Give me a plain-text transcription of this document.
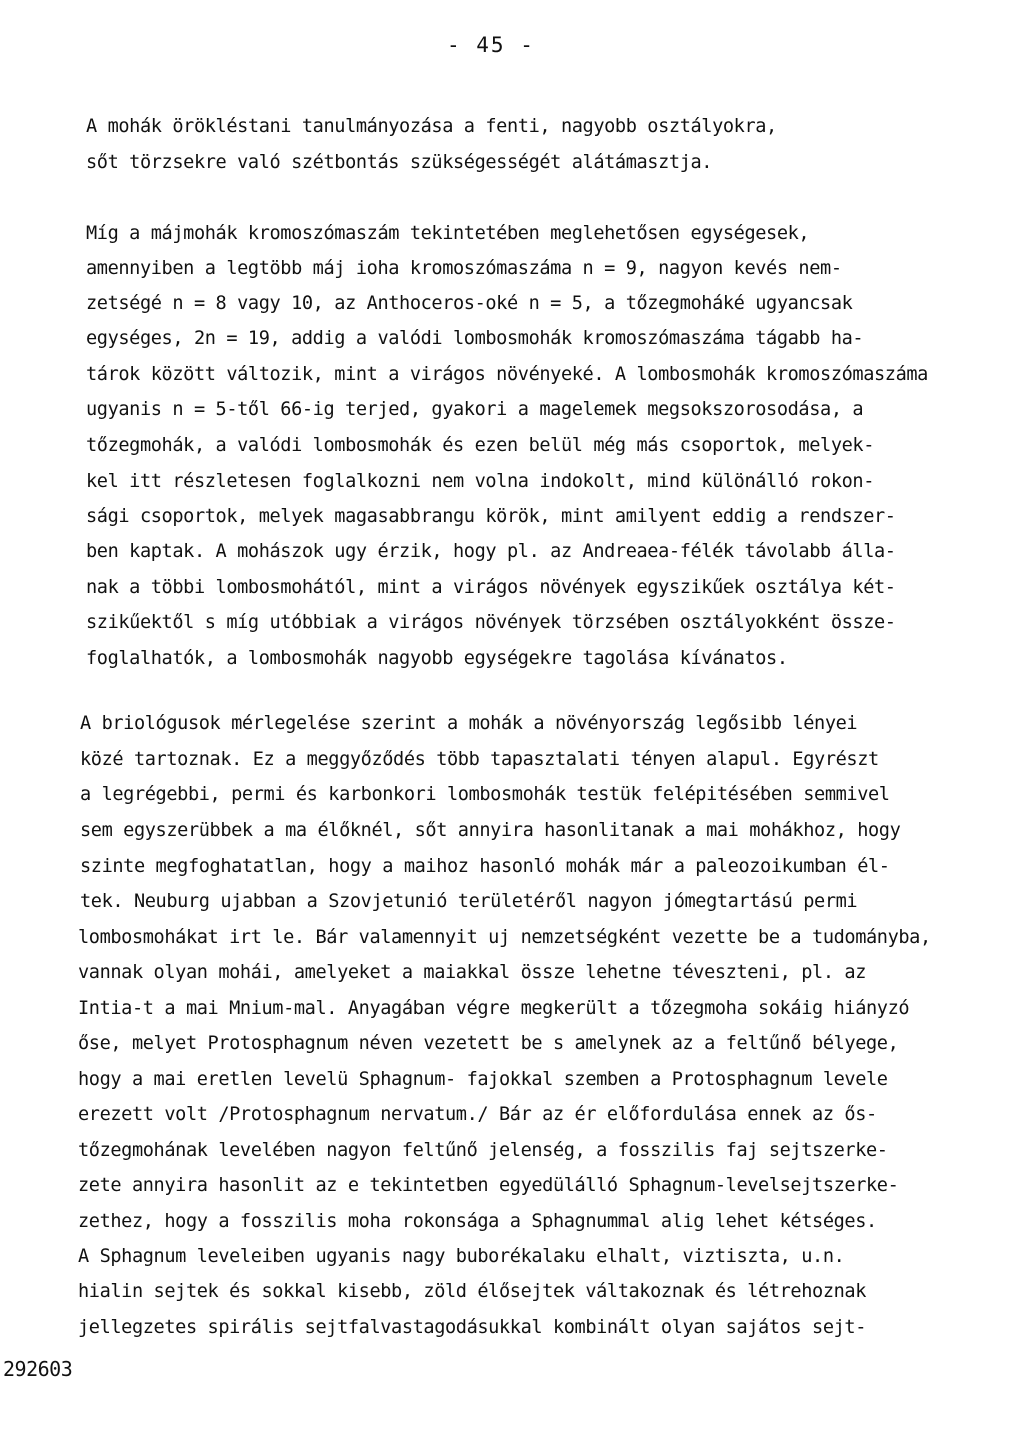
- 45 -
A mohák örökléstani tanulmányozása a fenti, nagyobb osztályokra,
sőt törzsekre való szétbontás szükségességét alátámasztja.
Míg a májmohák kromoszómaszám tekintetében meglehetősen egységesek,
amennyiben a legtöbb máj ioha kromoszómaszáma n = 9, nagyon kevés nem-
zetségé n = 8 vagy 10, az Anthoceros-oké n = 5, a tőzegmoháké ugyancsak
egységes, 2n = 19, addig a valódi lombosmohák kromoszómaszáma tágabb ha-
tárok között változik, mint a virágos növényeké. A lombosmohák kromoszómaszáma
ugyanis n = 5-től 66-ig terjed, gyakori a magelemek megsokszorosodása, a
tőzegmohák, a valódi lombosmohák és ezen belül még más csoportok, melyek-
kel itt részletesen foglalkozni nem volna indokolt, mind különálló rokon-
sági csoportok, melyek magasabbrangu körök, mint amilyent eddig a rendszer-
ben kaptak. A mohászok ugy érzik, hogy pl. az Andreaea-félék távolabb álla-
nak a többi lombosmohától, mint a virágos növények egyszikűek osztálya két-
szikűektől s míg utóbbiak a virágos növények törzsében osztályokként össze-
foglalhatók, a lombosmohák nagyobb egységekre tagolása kívánatos.
A briológusok mérlegelése szerint a mohák a növényország legősibb lényei
közé tartoznak. Ez a meggyőződés több tapasztalati tényen alapul. Egyrészt
a legrégebbi, permi és karbonkori lombosmohák testük felépitésében semmivel
sem egyszerübbek a ma élőknél, sőt annyira hasonlitanak a mai mohákhoz, hogy
szinte megfoghatatlan, hogy a maihoz hasonló mohák már a paleozoikumban él-
tek. Neuburg ujabban a Szovjetunió területéről nagyon jómegtartású permi
lombosmohákat irt le. Bár valamennyit uj nemzetségként vezette be a tudományba,
vannak olyan mohái, amelyeket a maiakkal össze lehetne téveszteni, pl. az
Intia-t a mai Mnium-mal. Anyagában végre megkerült a tőzegmoha sokáig hiányzó
őse, melyet Protosphagnum néven vezetett be s amelynek az a feltűnő bélyege,
hogy a mai eretlen levelü Sphagnum- fajokkal szemben a Protosphagnum levele
erezett volt /Protosphagnum nervatum./ Bár az ér előfordulása ennek az ős-
tőzegmohának levelében nagyon feltűnő jelenség, a fosszilis faj sejtszerke-
zete annyira hasonlit az e tekintetben egyedülálló Sphagnum-levelsejtszerke-
zethez, hogy a fosszilis moha rokonsága a Sphagnummal alig lehet kétséges.
A Sphagnum leveleiben ugyanis nagy buborékalaku elhalt, viztiszta, u.n.
hialin sejtek és sokkal kisebb, zöld élősejtek váltakoznak és létrehoznak
jellegzetes spirális sejtfalvastagodásukkal kombinált olyan sajátos sejt-
292603
